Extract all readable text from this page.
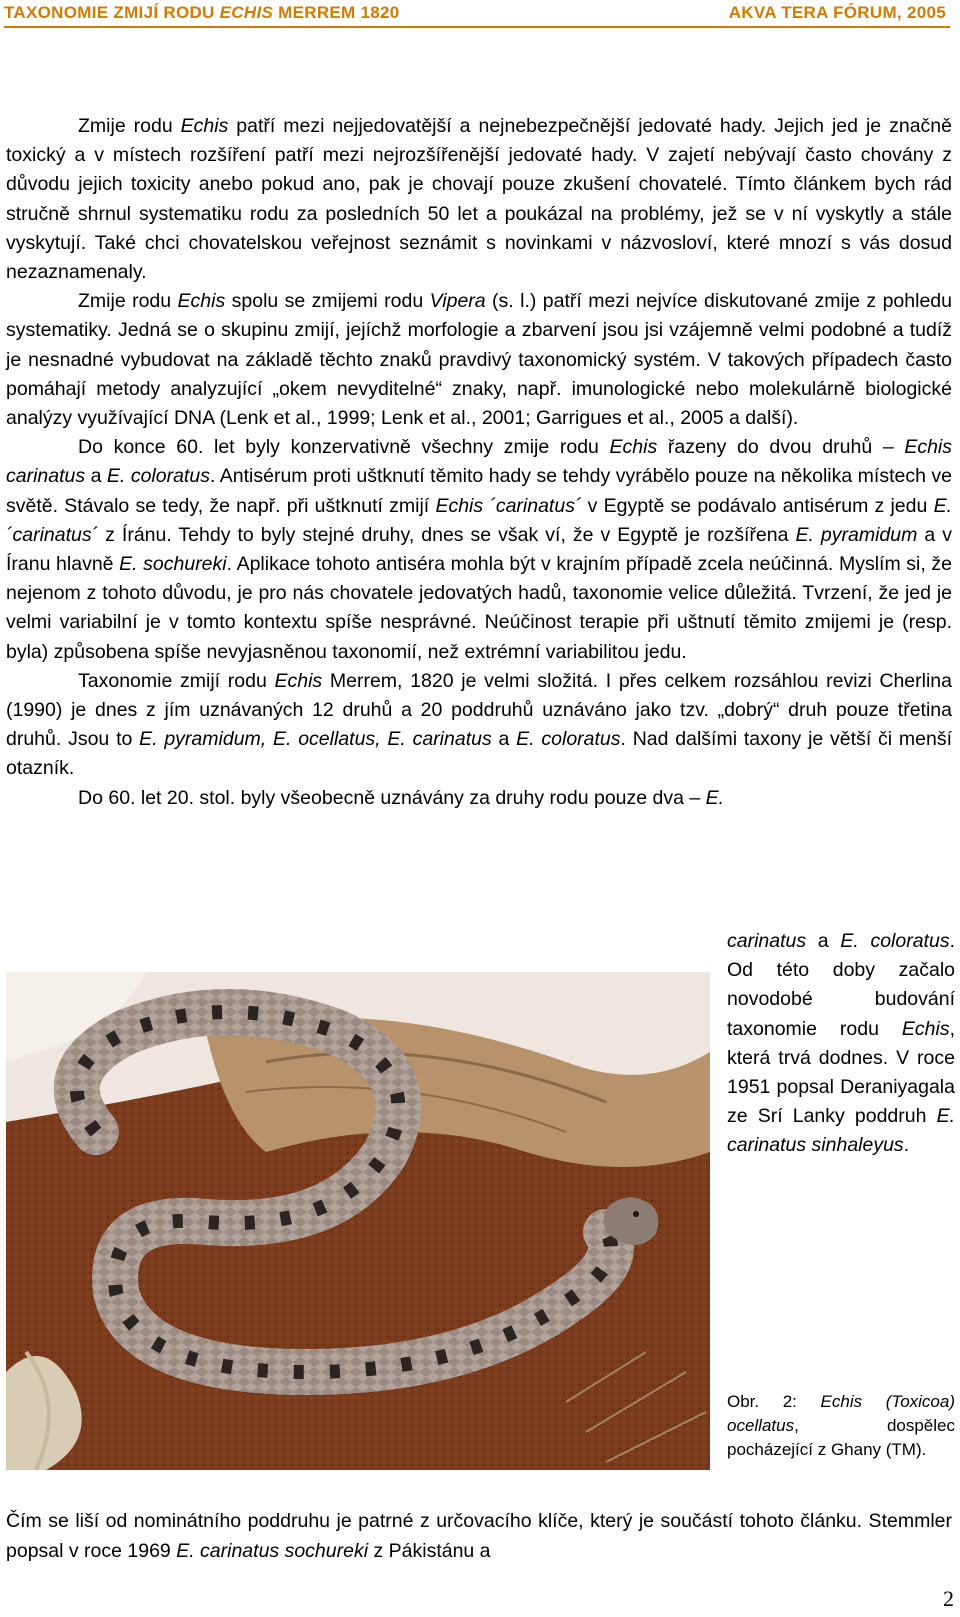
TAXONOMIE ZMIJÍ RODU ECHIS MERREM 1820	AKVA TERA FÓRUM, 2005

Zmije rodu Echis patří mezi nejjedovatější a nejnebezpečnější jedovaté hady. Jejich jed je značně toxický a v místech rozšíření patří mezi nejrozšířenější jedovaté hady. V zajetí nebývají často chovány z důvodu jejich toxicity anebo pokud ano, pak je chovají pouze zkušení chovatelé. Tímto článkem bych rád stručně shrnul systematiku rodu za posledních 50 let a poukázal na problémy, jež se v ní vyskytly a stále vyskytují. Také chci chovatelskou veřejnost seznámit s novinkami v názvosloví, které mnozí s vás dosud nezaznamenaly.

Zmije rodu Echis spolu se zmijemi rodu Vipera (s. l.) patří mezi nejvíce diskutované zmije z pohledu systematiky. Jedná se o skupinu zmijí, jejíchž morfologie a zbarvení jsou jsi vzájemně velmi podobné a tudíž je nesnadné vybudovat na základě těchto znaků pravdivý taxonomický systém. V takových případech často pomáhají metody analyzující „okem nevyditelné“ znaky, např. imunologické nebo molekulárně biologické analýzy využívající DNA (Lenk et al., 1999; Lenk et al., 2001; Garrigues et al., 2005 a další).

Do konce 60. let byly konzervativně všechny zmije rodu Echis řazeny do dvou druhů – Echis carinatus a E. coloratus. Antisérum proti uštknutí těmito hady se tehdy vyrábělo pouze na několika místech ve světě. Stávalo se tedy, že např. při uštknutí zmijí Echis ´carinatus´ v Egyptě se podávalo antisérum z jedu E. ´carinatus´ z Íránu. Tehdy to byly stejné druhy, dnes se však ví, že v Egyptě je rozšířena E. pyramidum a v Íranu hlavně E. sochureki. Aplikace tohoto antiséra mohla být v krajním případě zcela neúčinná. Myslím si, že nejenom z tohoto důvodu, je pro nás chovatele jedovatých hadů, taxonomie velice důležitá. Tvrzení, že jed je velmi variabilní je v tomto kontextu spíše nesprávné. Neúčinost terapie při uštnutí těmito zmijemi je (resp. byla) způsobena spíše nevyjasněnou taxonomií, než extrémní variabilitou jedu.

Taxonomie zmijí rodu Echis Merrem, 1820 je velmi složitá. I přes celkem rozsáhlou revizi Cherlina (1990) je dnes z jím uznávaných 12 druhů a 20 poddruhů uznáváno jako tzv. „dobrý“ druh pouze třetina druhů. Jsou to E. pyramidum, E. ocellatus, E. carinatus a E. coloratus. Nad dalšími taxony je větší či menší otazník.

Do 60. let 20. stol. byly všeobecně uznávány za druhy rodu pouze dva – E.

carinatus a E. coloratus. Od této doby začalo novodobé budování taxonomie rodu Echis, která trvá dodnes. V roce 1951 popsal Deraniyagala ze Srí Lanky poddruh E. carinatus sinhaleyus.

Obr. 2: Echis (Toxicoa) ocellatus, dospělec pocházející z Ghany (TM).
Čím se liší od nominátního poddruhu je patrné z určovacího klíče, který je součástí tohoto článku. Stemmler popsal v roce 1969 E. carinatus sochureki z Pákistánu a
2
